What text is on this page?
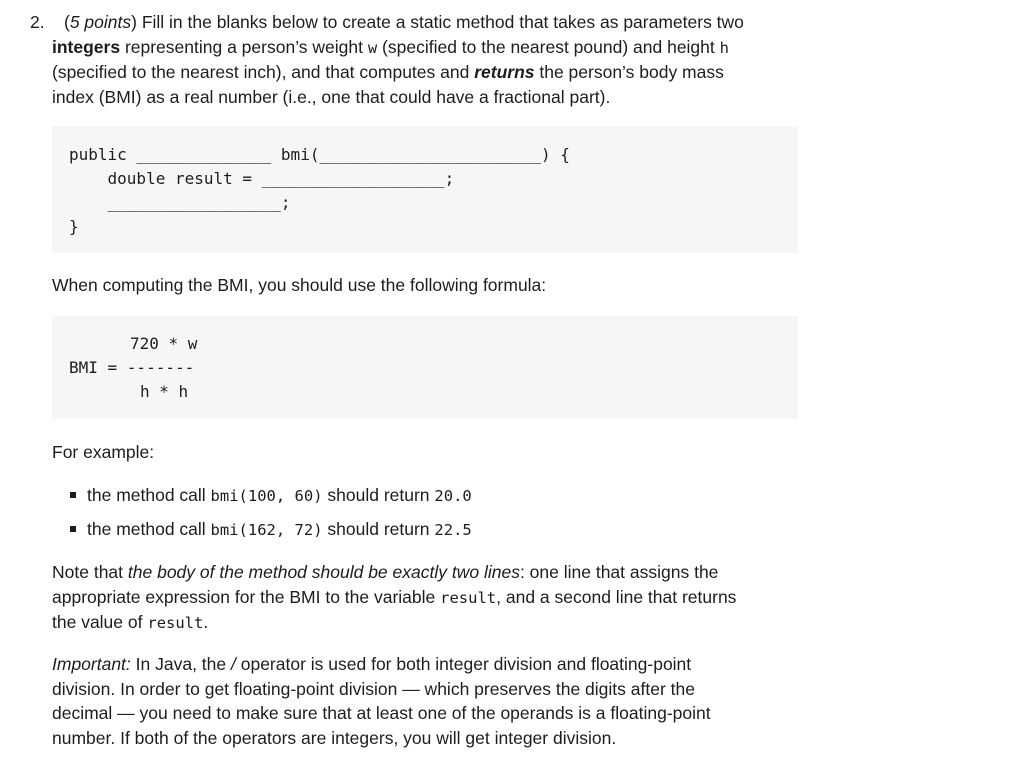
2.	(5 points) Fill in the blanks below to create a static method that takes as parameters two
integers representing a person’s weight w (specified to the nearest pound) and height h
(specified to the nearest inch), and that computes and returns the person’s body mass
index (BMI) as a real number (i.e., one that could have a fractional part).
public ______________ bmi(_______________________) {
double result = ___________________;
__________________;
}
When computing the BMI, you should use the following formula:
720 * w
BMI = -------
h * h
For example:
the method call bmi(100, 60) should return 20.0
the method call bmi(162, 72) should return 22.5
Note that the body of the method should be exactly two lines: one line that assigns the
appropriate expression for the BMI to the variable result, and a second line that returns
the value of result.
Important: In Java, the / operator is used for both integer division and floating-point
division. In order to get floating-point division — which preserves the digits after the
decimal — you need to make sure that at least one of the operands is a floating-point
number. If both of the operators are integers, you will get integer division.
